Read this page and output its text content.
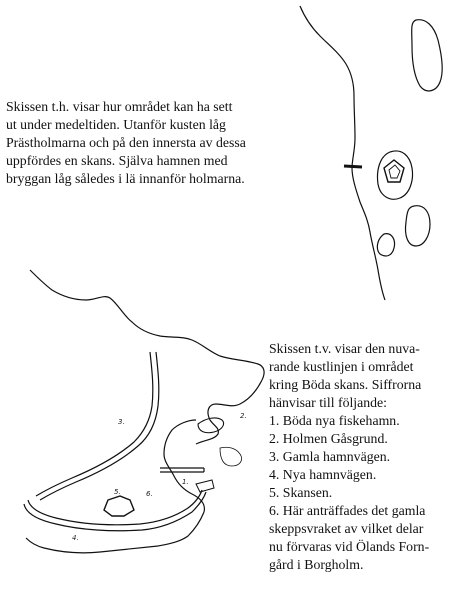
1.
2.
3.
4.
5.	6.
Skissen t.h. visar hur området kan ha sett
ut under medeltiden. Utanför kusten låg
Prästholmarna och på den innersta av dessa
uppfördes en skans. Själva hamnen med
bryggan låg således i lä innanför holmarna.
Skissen t.v. visar den nuva-
rande kustlinjen i området
kring Böda skans. Siffrorna
hänvisar till följande:
1. Böda nya fiskehamn.
2. Holmen Gåsgrund.
3. Gamla hamnvägen.
4. Nya hamnvägen.
5. Skansen.
6. Här anträffades det gamla
skeppsvraket av vilket delar
nu förvaras vid Ölands Forn-
gård i Borgholm.
